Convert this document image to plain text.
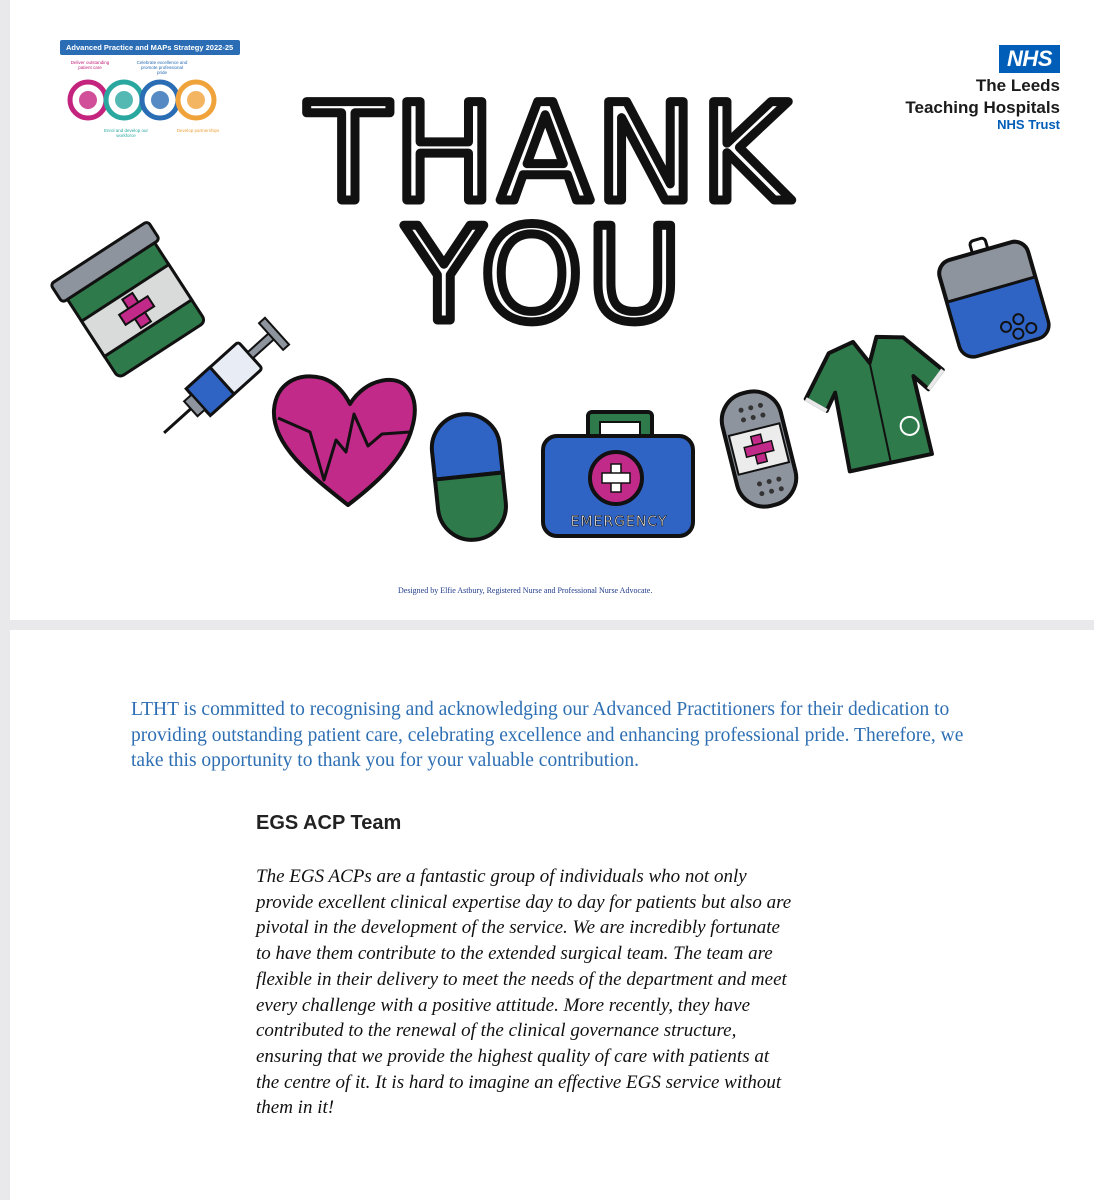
Advanced Practice and MAPs Strategy 2022-25
Deliver outstanding patient care
Enrol and develop our workforce
Celebrate excellence and promote professional pride
Develop partnerships
NHS
The Leeds
Teaching Hospitals
NHS Trust
THANK
YOU
EMERGENCY
Designed by Elfie Astbury, Registered Nurse and Professional Nurse Advocate.
LTHT is committed to recognising and acknowledging our Advanced Practitioners for their dedication to providing outstanding patient care, celebrating excellence and enhancing professional pride. Therefore, we take this opportunity to thank you for your valuable contribution.
EGS ACP Team
The EGS ACPs are a fantastic group of individuals who not only provide excellent clinical expertise day to day for patients but also are pivotal in the development of the service. We are incredibly fortunate to have them contribute to the extended surgical team. The team are flexible in their delivery to meet the needs of the department and meet every challenge with a positive attitude. More recently, they have contributed to the renewal of the clinical governance structure, ensuring that we provide the highest quality of care with patients at the centre of it. It is hard to imagine an effective EGS service without them in it!
